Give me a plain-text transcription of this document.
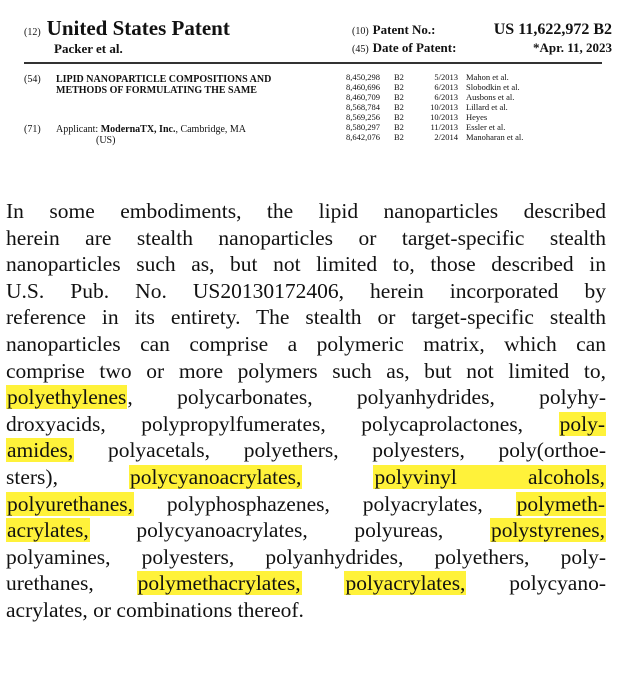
(12) United States Patent
Packer et al.
(10) Patent No.:	US 11,622,972 B2
(45) Date of Patent:	*Apr. 11, 2023
(54) LIPID NANOPARTICLE COMPOSITIONS AND METHODS OF FORMULATING THE SAME
(71) Applicant: ModernaTX, Inc., Cambridge, MA
(US)
8,450,298	B2	5/2013 Mahon et al.
8,460,696	B2	6/2013 Slobodkin et al.
8,460,709	B2	6/2013 Ausbons et al.
8,568,784	B2	10/2013 Lillard et al.
8,569,256	B2	10/2013 Heyes
8,580,297	B2	11/2013 Essler et al.
8,642,076	B2	2/2014 Manoharan et al.
In some embodiments, the lipid nanoparticles described
herein are stealth nanoparticles or target-specific stealth
nanoparticles such as, but not limited to, those described in
U.S. Pub. No. US20130172406, herein incorporated by
reference in its entirety. The stealth or target-specific stealth
nanoparticles can comprise a polymeric matrix, which can
comprise two or more polymers such as, but not limited to,
polyethylenes, polycarbonates, polyanhydrides, polyhy-
droxyacids, polypropylfumerates, polycaprolactones, poly-
amides, polyacetals, polyethers, polyesters, poly(orthoe-
sters), polycyanoacrylates,	polyvinyl alcohols,
polyurethanes, polyphosphazenes, polyacrylates, polymeth-
acrylates, polycyanoacrylates, polyureas, polystyrenes,
polyamines, polyesters, polyanhydrides, polyethers, poly-
urethanes, polymethacrylates, polyacrylates, polycyano-
acrylates, or combinations thereof.
